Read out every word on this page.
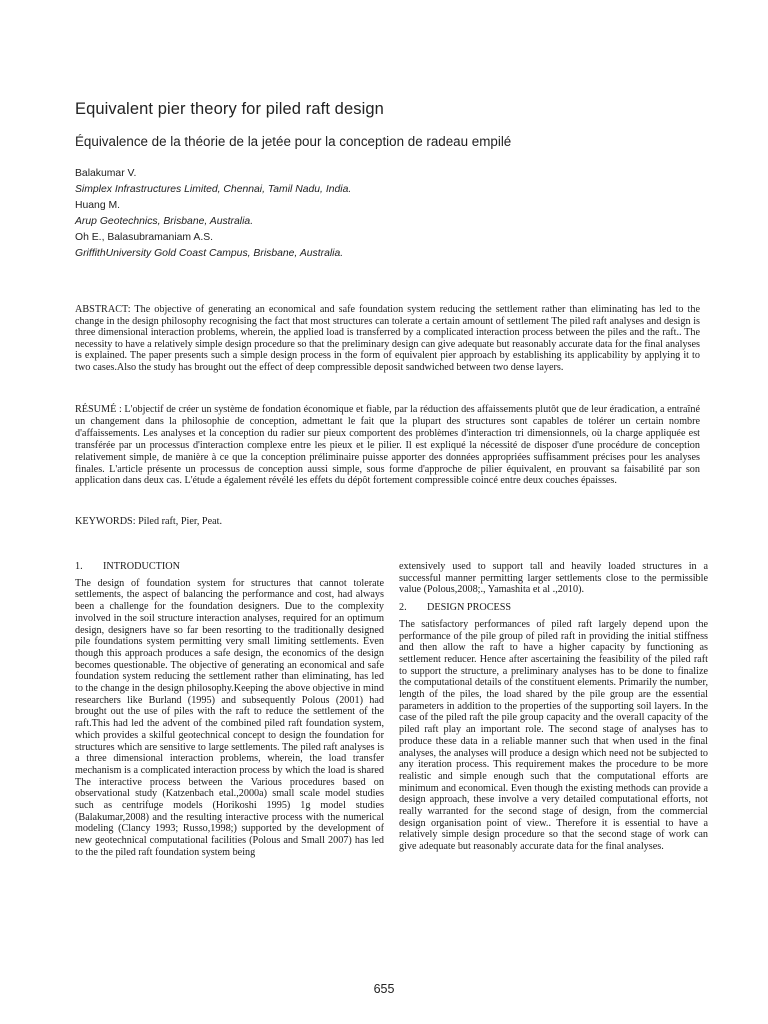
Equivalent pier theory for piled raft design
Équivalence de la théorie de la jetée pour la conception de radeau empilé
Balakumar V.
Simplex Infrastructures Limited, Chennai, Tamil Nadu, India.
Huang M.
Arup Geotechnics, Brisbane, Australia.
Oh E., Balasubramaniam A.S.
GriffithUniversity Gold Coast Campus, Brisbane, Australia.

ABSTRACT: The objective of generating an economical and safe foundation system reducing the settlement rather than eliminating has led to the change in the design philosophy recognising the fact that most structures can tolerate a certain amount of settlement The piled raft analyses and design is three dimensional interaction problems, wherein, the applied load is transferred by a complicated interaction process between the piles and the raft.. The necessity to have a relatively simple design procedure so that the preliminary design can give adequate but reasonably accurate data for the final analyses is explained. The paper presents such a simple design process in the form of equivalent pier approach by establishing its applicability by applying it to two cases.Also the study has brought out the effect of deep compressible deposit sandwiched between two dense layers.

RÉSUMÉ : L'objectif de créer un système de fondation économique et fiable, par la réduction des affaissements plutôt que de leur éradication, a entraîné un changement dans la philosophie de conception, admettant le fait que la plupart des structures sont capables de tolérer un certain nombre d'affaissements. Les analyses et la conception du radier sur pieux comportent des problèmes d'interaction tri dimensionnels, où la charge appliquée est transférée par un processus d'interaction complexe entre les pieux et le pilier. Il est expliqué la nécessité de disposer d'une procédure de conception relativement simple, de manière à ce que la conception préliminaire puisse apporter des données appropriées suffisamment précises pour les analyses finales. L'article présente un processus de conception aussi simple, sous forme d'approche de pilier équivalent, en prouvant sa faisabilité par son application dans deux cas. L'étude a également révélé les effets du dépôt fortement compressible coincé entre deux couches épaisses.

KEYWORDS: Piled raft, Pier, Peat.

1. INTRODUCTION

The design of foundation system for structures that cannot tolerate settlements, the aspect of balancing the performance and cost, had always been a challenge for the foundation designers. Due to the complexity involved in the soil structure interaction analyses, required for an optimum design, designers have so far been resorting to the traditionally designed pile foundations system permitting very small limiting settlements. Even though this approach produces a safe design, the economics of the design becomes questionable. The objective of generating an economical and safe foundation system reducing the settlement rather than eliminating, has led to the change in the design philosophy.Keeping the above objective in mind researchers like Burland (1995) and subsequently Polous (2001) had brought out the use of piles with the raft to reduce the settlement of the raft.This had led the advent of the combined piled raft foundation system, which provides a skilful geotechnical concept to design the foundation for structures which are sensitive to large settlements. The piled raft analyses is a three dimensional interaction problems, wherein, the load transfer mechanism is a complicated interaction process by which the load is shared The interactive process between the Various procedures based on observational study (Katzenbach etal.,2000a) small scale model studies such as centrifuge models (Horikoshi 1995) 1g model studies (Balakumar,2008) and the resulting interactive process with the numerical modeling (Clancy 1993; Russo,1998;) supported by the development of new geotechnical computational facilities (Polous and Small 2007) has led to the the piled raft foundation system being

extensively used to support tall and heavily loaded structures in a successful manner permitting larger settlements close to the permissible value (Polous,2008;., Yamashita et al .,2010).

2. DESIGN PROCESS

The satisfactory performances of piled raft largely depend upon the performance of the pile group of piled raft in providing the initial stiffness and then allow the raft to have a higher capacity by functioning as settlement reducer. Hence after ascertaining the feasibility of the piled raft to support the structure, a preliminary analyses has to be done to finalize the computational details of the constituent elements. Primarily the number, length of the piles, the load shared by the pile group are the essential parameters in addition to the properties of the supporting soil layers. In the case of the piled raft the pile group capacity and the overall capacity of the piled raft play an important role. The second stage of analyses has to produce these data in a reliable manner such that when used in the final analyses, the analyses will produce a design which need not be subjected to any iteration process. This requirement makes the procedure to be more realistic and simple enough such that the computational efforts are minimum and economical. Even though the existing methods can provide a design approach, these involve a very detailed computational efforts, not really warranted for the second stage of design, from the commercial design organisation point of view.. Therefore it is essential to have a relatively simple design procedure so that the second stage of work can give adequate but reasonably accurate data for the final analyses.

655
